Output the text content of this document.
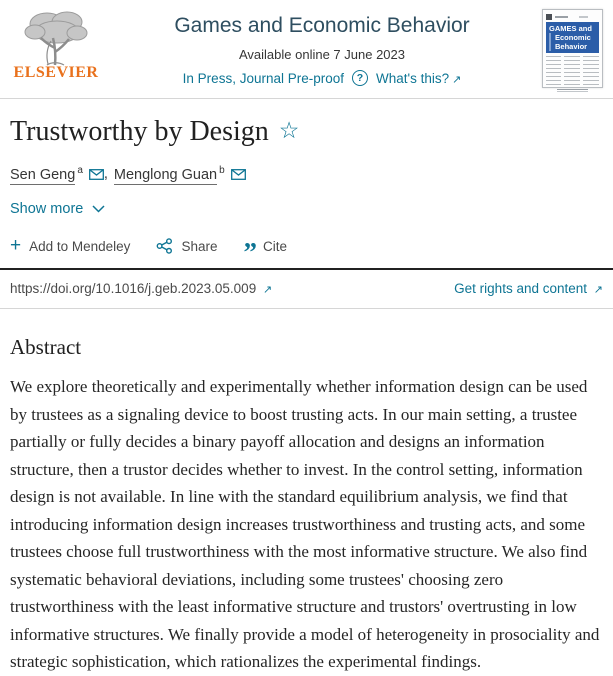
ELSEVIER
Games and Economic Behavior
Available online 7 June 2023
In Press, Journal Pre-proof	? What's this? ↗
GAMES and
Economic
Behavior
Trustworthy by Design ☆
Sen Geng $^a$ , Menglong Guan $^b$
Show more
+ Add to Mendeley	Share ” Cite
https://doi.org/10.1016/j.geb.2023.05.009 ↗	Get rights and content ↗
Abstract

We explore theoretically and experimentally whether information design can be used by trustees as a signaling device to boost trusting acts. In our main setting, a trustee partially or fully decides a binary payoff allocation and designs an information structure, then a trustor decides whether to invest. In the control setting, information design is not available. In line with the standard equilibrium analysis, we find that introducing information design increases trustworthiness and trusting acts, and some trustees choose full trustworthiness with the most informative structure. We also find systematic behavioral deviations, including some trustees' choosing zero trustworthiness with the least informative structure and trustors' overtrusting in low informative structures. We finally provide a model of heterogeneity in prosociality and strategic sophistication, which rationalizes the experimental findings.
